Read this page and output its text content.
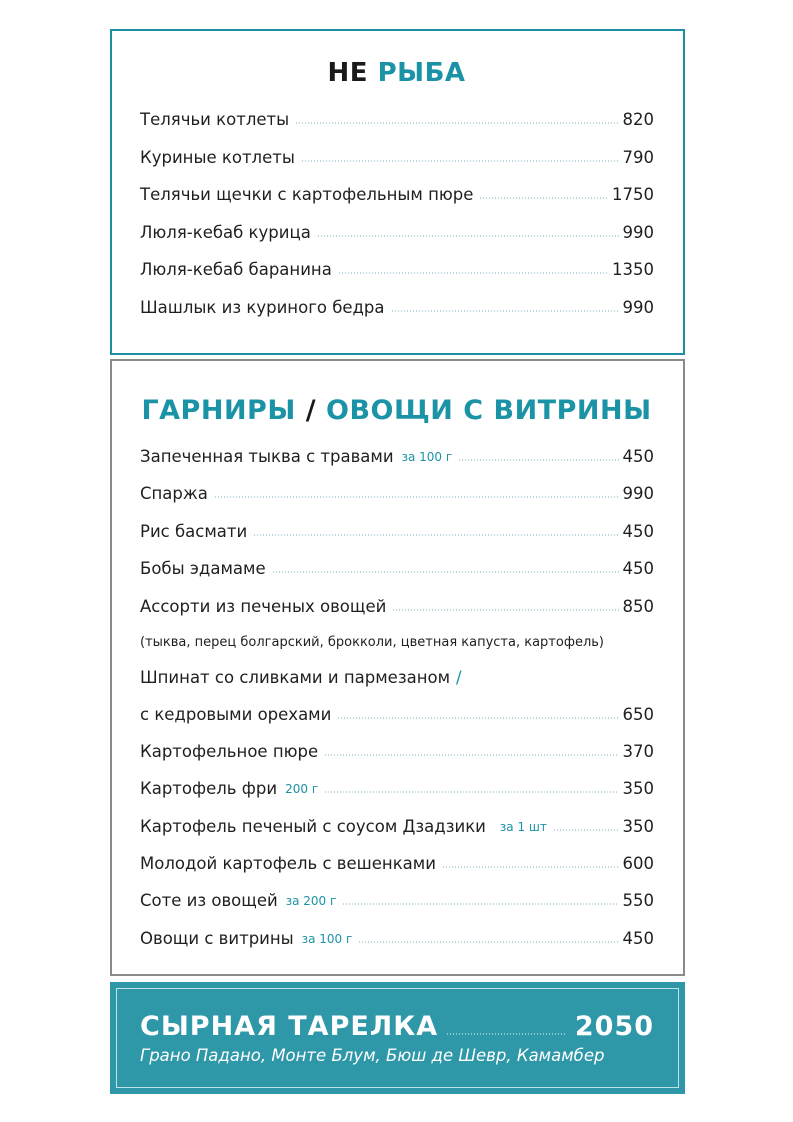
НЕ РЫБА
Телячьи котлеты	820
Куриные котлеты	790
Телячьи щечки с картофельным пюре	1750
Люля-кебаб курица	990
Люля-кебаб баранина	1350
Шашлык из куриного бедра	990
ГАРНИРЫ / ОВОЩИ С ВИТРИНЫ
Запеченная тыква с травами за 100 г	450
Спаржа	990
Рис басмати	450
Бобы эдамаме	450
Ассорти из печеных овощей	850
(тыква, перец болгарский, брокколи, цветная капуста, картофель)
Шпинат со сливками и пармезаном /
с кедровыми орехами	650
Картофельное пюре	370
Картофель фри 200 г	350
Картофель печеный с соусом Дзадзики за 1 шт	350
Молодой картофель с вешенками	600
Соте из овощей за 200 г	550
Овощи с витрины за 100 г	450
СЫРНАЯ ТАРЕЛКА	2050
Грано Падано, Монте Блум, Бюш де Шевр, Камамбер
